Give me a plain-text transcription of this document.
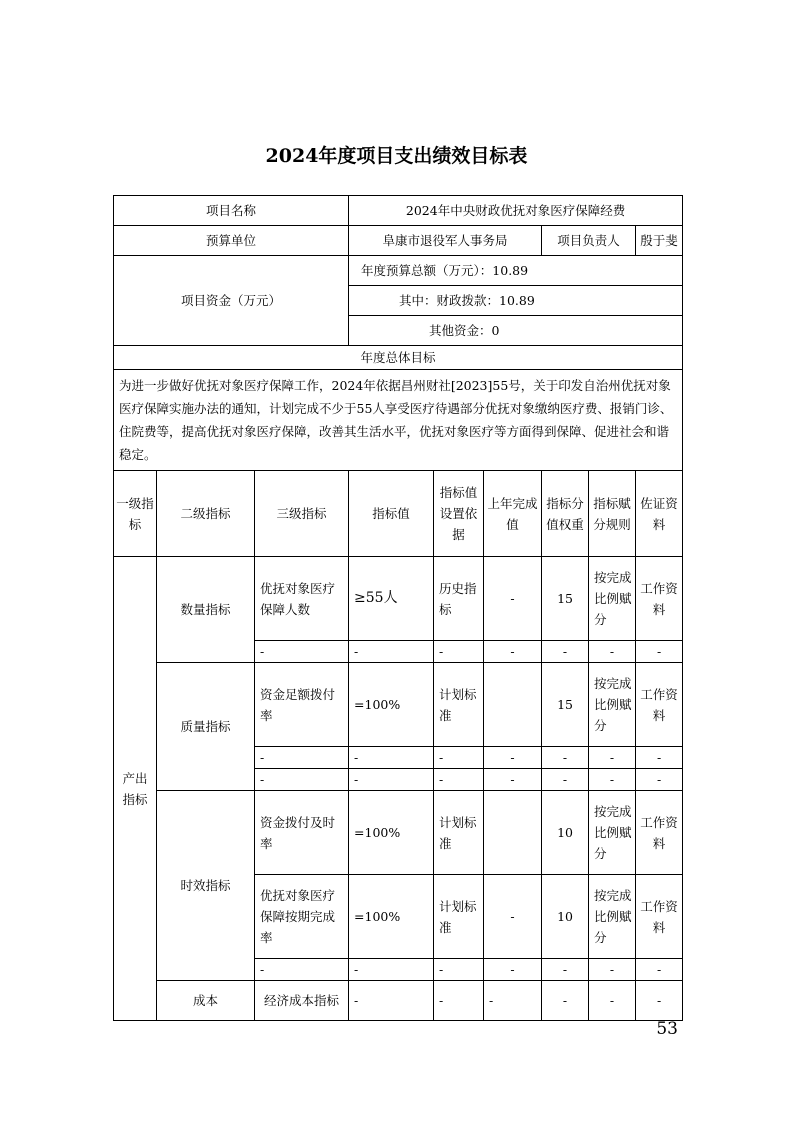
2024年度项目支出绩效目标表
项目名称			2024年中央财政优抚对象医疗保障经费						
预算单位			阜康市退役军人事务局			项目负责人		殷于斐	
项目资金（万元）			年度预算总额（万元）：10.89						
			其中：财政拨款：10.89						
			其他资金：0						
年度总体目标									
为进一步做好优抚对象医疗保障工作，2024年依据昌州财社[2023]55号，关于印发自治州优抚对象医疗保障实施办法的通知，计划完成不少于55人享受医疗待遇部分优抚对象缴纳医疗费、报销门诊、住院费等，提高优抚对象医疗保障，改善其生活水平，优抚对象医疗等方面得到保障、促进社会和谐稳定。									
一级指标	二级指标	三级指标	指标值	指标值设置依据	上年完成值	指标分值权重	指标赋分规则	佐证资料	
产出指标	数量指标	优抚对象医疗保障人数	≥55人	历史指标	-	15	按完成比例赋分	工作资料	
		-	-	-	-	-	-	-	
	质量指标	资金足额拨付率	=100%	计划标准		15	按完成比例赋分	工作资料	
		-	-	-	-	-	-	-	
		-	-	-	-	-	-	-	
	时效指标	资金拨付及时率	=100%	计划标准		10	按完成比例赋分	工作资料	
		优抚对象医疗保障按期完成率	=100%	计划标准	-	10	按完成比例赋分	工作资料	
		-	-	-	-	-	-	-	
	成本	经济成本指标	-	-	-	-	-	-	

53
